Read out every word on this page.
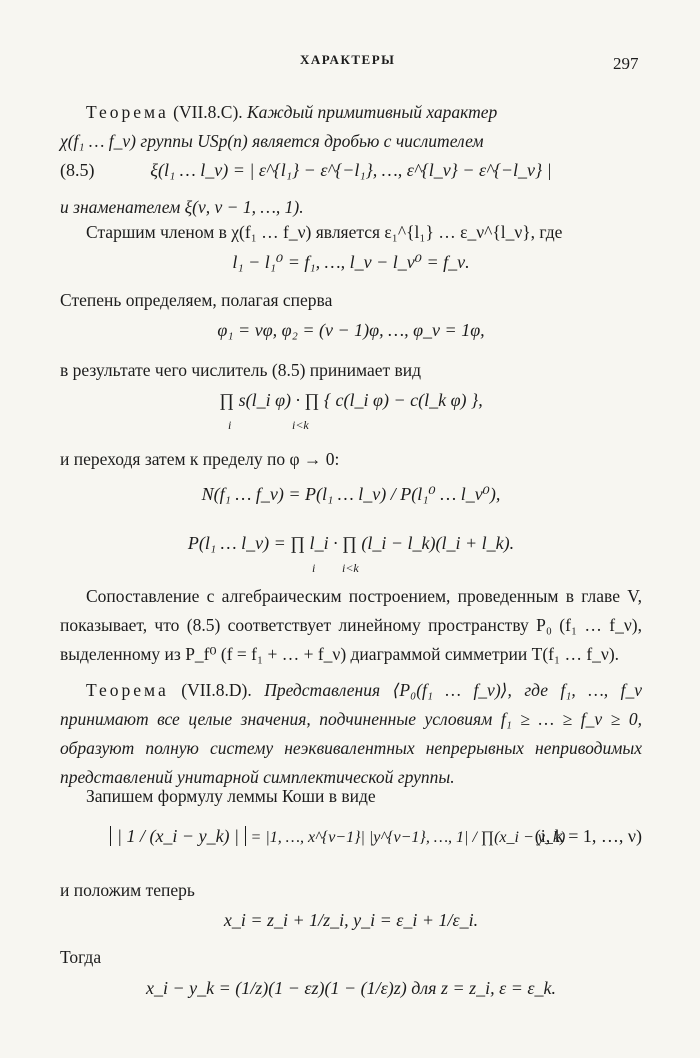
ХАРАКТЕРЫ	297
Теорема (VII.8.C). Каждый примитивный характер
χ(f₁ … f_ν) группы USp(n) является дробью с числителем
(8.5)	ξ(l₁ … l_ν) = | ε^{l₁} − ε^{−l₁}, …, ε^{l_ν} − ε^{−l_ν} |
и знаменателем ξ(ν, ν − 1, …, 1).
Старшим членом в χ(f₁ … f_ν) является ε₁^{l₁} … ε_ν^{l_ν}, где
l₁ − l₁⁰ = f₁, …, l_ν − l_ν⁰ = f_ν.
Степень определяем, полагая сперва
φ₁ = νφ, φ₂ = (ν − 1)φ, …, φ_ν = 1φ,
в результате чего числитель (8.5) принимает вид
∏ s(l_i φ) · ∏ { c(l_i φ) − c(l_k φ) },
i	i<k
и переходя затем к пределу по φ → 0:
N(f₁ … f_ν) = P(l₁ … l_ν) / P(l₁⁰ … l_ν⁰),
P(l₁ … l_ν) = ∏ l_i · ∏ (l_i − l_k)(l_i + l_k).
i i<k
Сопоставление с алгебраическим построением, проведенным в главе V, показывает, что (8.5) соответствует линейному пространству P₀ (f₁ … f_ν), выделенному из P_f⁰ (f = f₁ + … + f_ν) диаграммой симметрии T(f₁ … f_ν).
Теорема (VII.8.D). Представления ⟨P₀(f₁ … f_ν)⟩, где f₁, …, f_ν принимают все целые значения, подчиненные условиям f₁ ≥ … ≥ f_ν ≥ 0, образуют полную систему неэквивалентных непрерывных неприводимых представлений унитарной симплектической группы.
Запишем формулу леммы Коши в виде
| 1 / (x_i − y_k) | = |1, …, x^{ν−1}| |y^{ν−1}, …, 1| / ∏(x_i − y_k)
(i, k = 1, …, ν)
и положим теперь
x_i = z_i + 1/z_i, y_i = ε_i + 1/ε_i.
Тогда
x_i − y_k = (1/z)(1 − εz)(1 − (1/ε)z) для z = z_i, ε = ε_k.
